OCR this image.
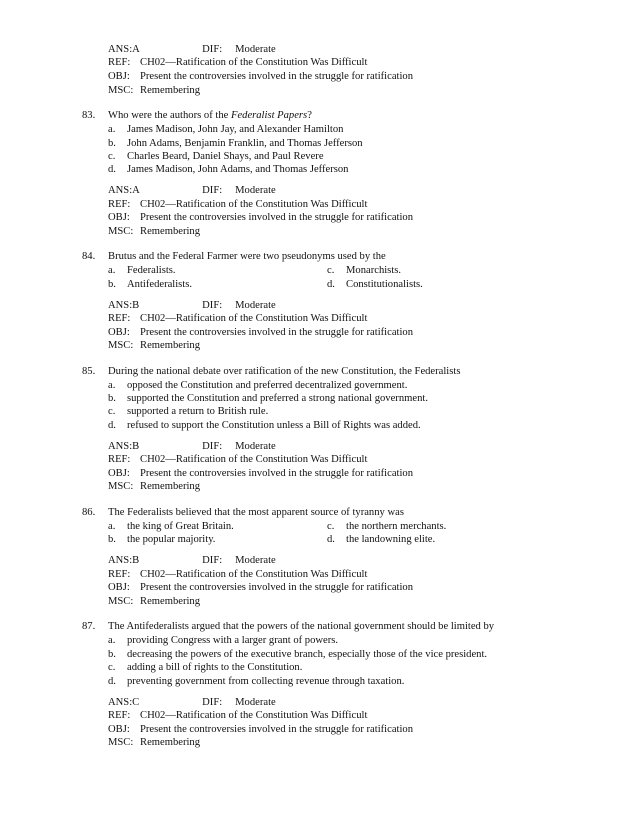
ANS:A	DIF: Moderate
REF: CH02—Ratification of the Constitution Was Difficult
OBJ: Present the controversies involved in the struggle for ratification
MSC: Remembering
83. Who were the authors of the Federalist Papers?
a. James Madison, John Jay, and Alexander Hamilton
b. John Adams, Benjamin Franklin, and Thomas Jefferson
c. Charles Beard, Daniel Shays, and Paul Revere
d. James Madison, John Adams, and Thomas Jefferson
ANS:A	DIF: Moderate
REF: CH02—Ratification of the Constitution Was Difficult
OBJ: Present the controversies involved in the struggle for ratification
MSC: Remembering
84. Brutus and the Federal Farmer were two pseudonyms used by the
a. Federalists.	c. Monarchists.
b. Antifederalists.	d. Constitutionalists.
ANS:B	DIF: Moderate
REF: CH02—Ratification of the Constitution Was Difficult
OBJ: Present the controversies involved in the struggle for ratification
MSC: Remembering
85. During the national debate over ratification of the new Constitution, the Federalists
a. opposed the Constitution and preferred decentralized government.
b. supported the Constitution and preferred a strong national government.
c. supported a return to British rule.
d. refused to support the Constitution unless a Bill of Rights was added.
ANS:B	DIF: Moderate
REF: CH02—Ratification of the Constitution Was Difficult
OBJ: Present the controversies involved in the struggle for ratification
MSC: Remembering
86. The Federalists believed that the most apparent source of tyranny was
a. the king of Great Britain.	c. the northern merchants.
b. the popular majority.	d. the landowning elite.
ANS:B	DIF: Moderate
REF: CH02—Ratification of the Constitution Was Difficult
OBJ: Present the controversies involved in the struggle for ratification
MSC: Remembering
87. The Antifederalists argued that the powers of the national government should be limited by
a. providing Congress with a larger grant of powers.
b. decreasing the powers of the executive branch, especially those of the vice president.
c. adding a bill of rights to the Constitution.
d. preventing government from collecting revenue through taxation.
ANS:C	DIF: Moderate
REF: CH02—Ratification of the Constitution Was Difficult
OBJ: Present the controversies involved in the struggle for ratification
MSC: Remembering
